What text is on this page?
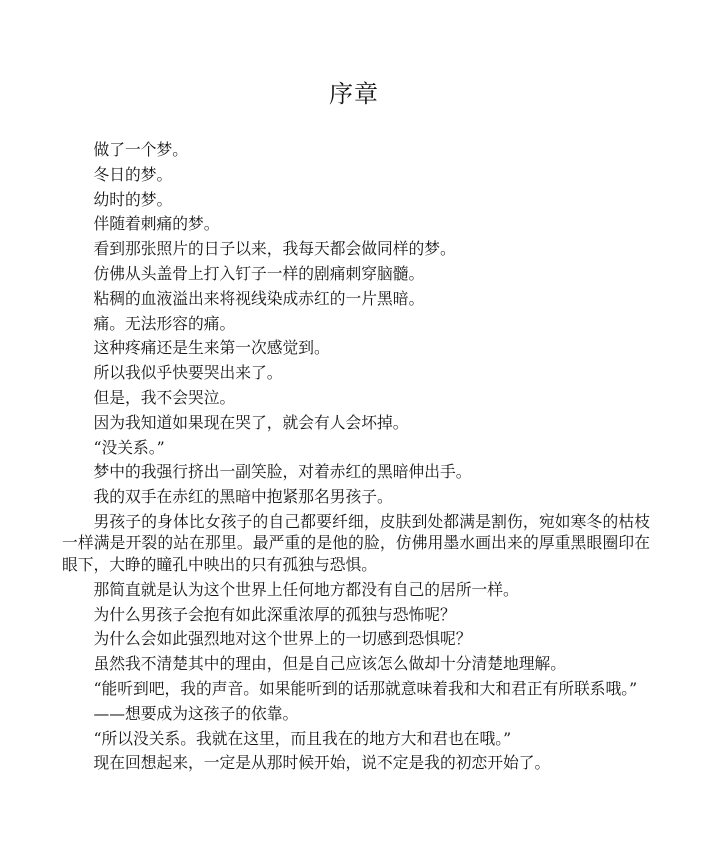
序章

做了一个梦。

冬日的梦。

幼时的梦。

伴随着刺痛的梦。

看到那张照片的日子以来，我每天都会做同样的梦。

仿佛从头盖骨上打入钉子一样的剧痛刺穿脑髓。

粘稠的血液溢出来将视线染成赤红的一片黑暗。

痛。无法形容的痛。

这种疼痛还是生来第一次感觉到。

所以我似乎快要哭出来了。

但是，我不会哭泣。

因为我知道如果现在哭了，就会有人会坏掉。

“没关系。”

梦中的我强行挤出一副笑脸，对着赤红的黑暗伸出手。

我的双手在赤红的黑暗中抱紧那名男孩子。

男孩子的身体比女孩子的自己都要纤细，皮肤到处都满是割伤，宛如寒冬的枯枝一样满是开裂的站在那里。最严重的是他的脸，仿佛用墨水画出来的厚重黑眼圈印在眼下，大睁的瞳孔中映出的只有孤独与恐惧。

那简直就是认为这个世界上任何地方都没有自己的居所一样。

为什么男孩子会抱有如此深重浓厚的孤独与恐怖呢？

为什么会如此强烈地对这个世界上的一切感到恐惧呢？

虽然我不清楚其中的理由，但是自己应该怎么做却十分清楚地理解。

“能听到吧，我的声音。如果能听到的话那就意味着我和大和君正有所联系哦。”

——想要成为这孩子的依靠。

“所以没关系。我就在这里，而且我在的地方大和君也在哦。”

现在回想起来，一定是从那时候开始，说不定是我的初恋开始了。
